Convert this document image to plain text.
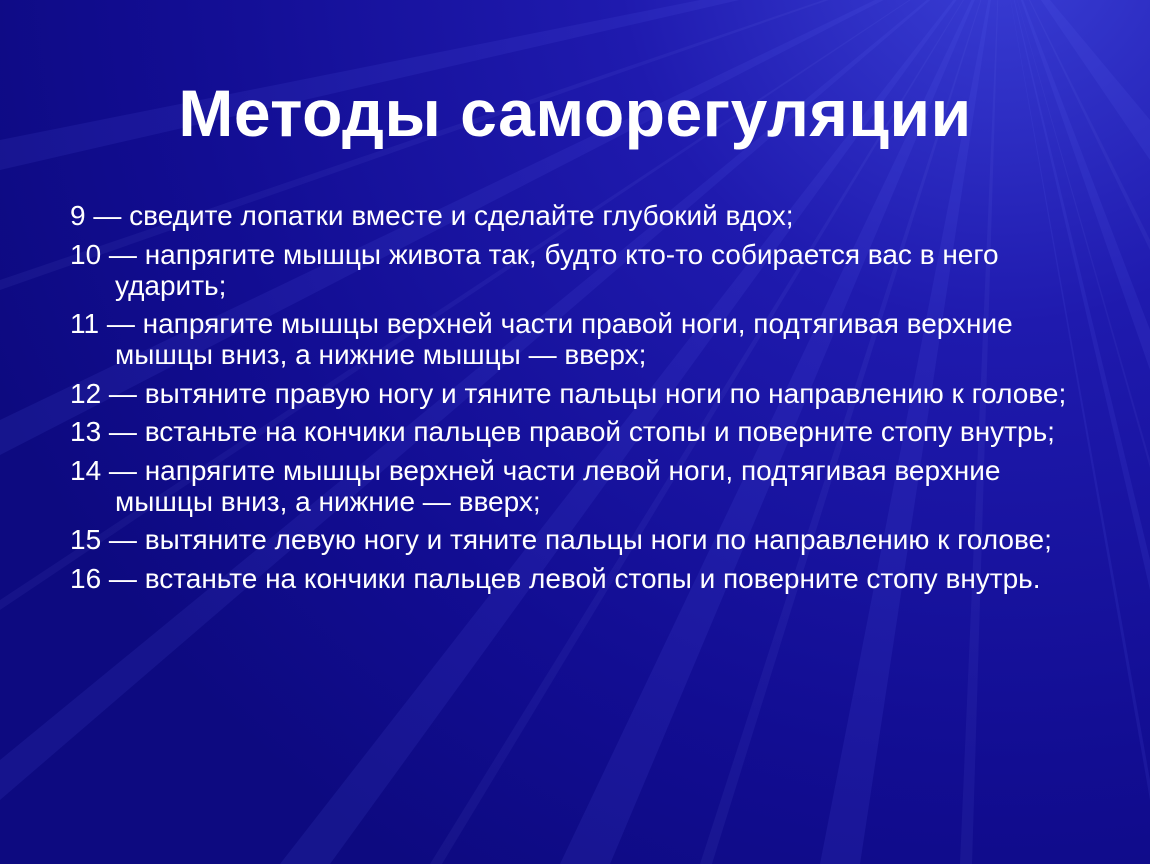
Методы саморегуляции
9 — сведите лопатки вместе и сделайте глубокий вдох;
10 — напрягите мышцы живота так, будто кто-то собирается вас в него ударить;
11 — напрягите мышцы верхней части правой ноги, подтягивая верхние мышцы вниз, а нижние мышцы — вверх;
12 — вытяните правую ногу и тяните пальцы ноги по направлению к голове;
13 — встаньте на кончики пальцев правой стопы и поверните стопу внутрь;
14 — напрягите мышцы верхней части левой ноги, подтягивая верхние мышцы вниз, а нижние — вверх;
15 — вытяните левую ногу и тяните пальцы ноги по направлению к голове;
16 — встаньте на кончики пальцев левой стопы и поверните стопу внутрь.
